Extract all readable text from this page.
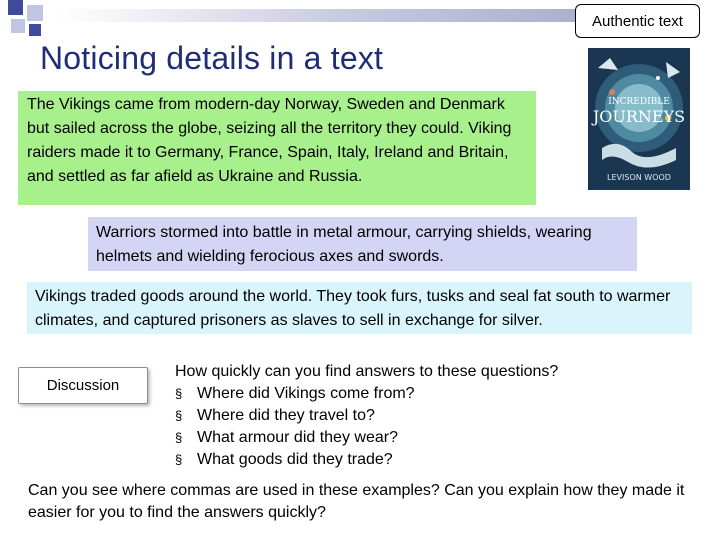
Authentic text
Noticing details in a text
The Vikings came from modern-day Norway, Sweden and Denmark but sailed across the globe, seizing all the territory they could. Viking raiders made it to Germany, France, Spain, Italy, Ireland and Britain, and settled as far afield as Ukraine and Russia.
INCREDIBLE
JOURNEYS
LEVISON WOOD
Warriors stormed into battle in metal armour, carrying shields, wearing helmets and wielding ferocious axes and swords.
Vikings traded goods around the world. They took furs, tusks and seal fat south to warmer climates, and captured prisoners as slaves to sell in exchange for silver.
Discussion
How quickly can you find answers to these questions?
§ Where did Vikings come from?
§ Where did they travel to?
§ What armour did they wear?
§ What goods did they trade?
Can you see where commas are used in these examples? Can you explain how they made it easier for you to find the answers quickly?
